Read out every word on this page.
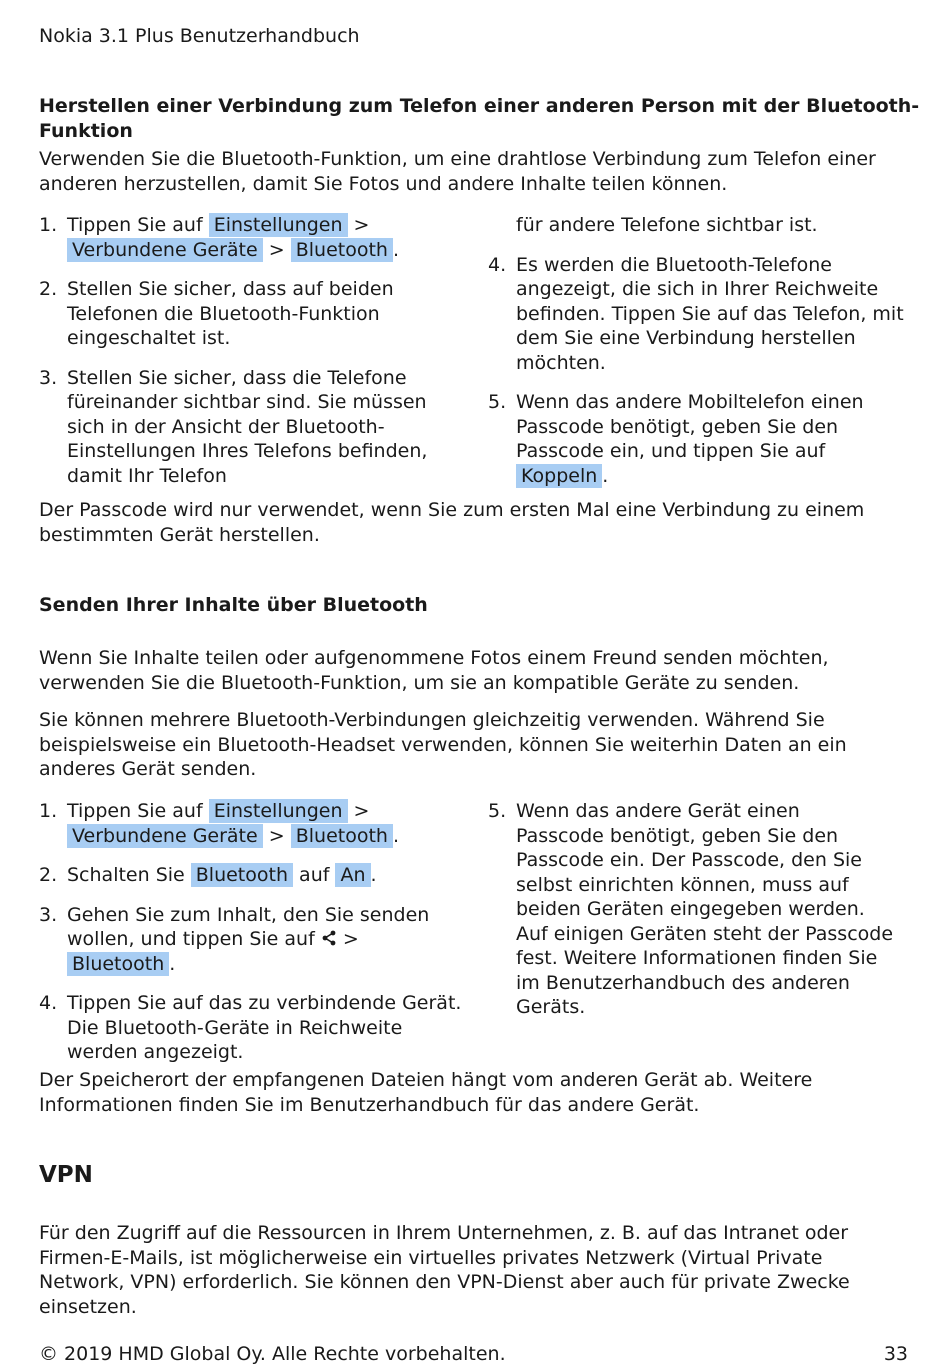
Nokia 3.1 Plus Benutzerhandbuch
Herstellen einer Verbindung zum Telefon einer anderen Person mit der Bluetooth-Funktion
Verwenden Sie die Bluetooth-Funktion, um eine drahtlose Verbindung zum Telefon einer anderen herzustellen, damit Sie Fotos und andere Inhalte teilen können.
1. Tippen Sie auf Einstellungen >
Verbundene Geräte > Bluetooth .
2. Stellen Sie sicher, dass auf beiden Telefonen die Bluetooth-Funktion eingeschaltet ist.
3. Stellen Sie sicher, dass die Telefone füreinander sichtbar sind. Sie müssen sich in der Ansicht der Bluetooth-Einstellungen Ihres Telefons befinden, damit Ihr Telefon
für andere Telefone sichtbar ist.
4. Es werden die Bluetooth-Telefone angezeigt, die sich in Ihrer Reichweite befinden. Tippen Sie auf das Telefon, mit dem Sie eine Verbindung herstellen möchten.
5. Wenn das andere Mobiltelefon einen Passcode benötigt, geben Sie den Passcode ein, und tippen Sie auf Koppeln .
Der Passcode wird nur verwendet, wenn Sie zum ersten Mal eine Verbindung zu einem bestimmten Gerät herstellen.
Senden Ihrer Inhalte über Bluetooth
Wenn Sie Inhalte teilen oder aufgenommene Fotos einem Freund senden möchten, verwenden Sie die Bluetooth-Funktion, um sie an kompatible Geräte zu senden.
Sie können mehrere Bluetooth-Verbindungen gleichzeitig verwenden. Während Sie beispielsweise ein Bluetooth-Headset verwenden, können Sie weiterhin Daten an ein anderes Gerät senden.
1. Tippen Sie auf Einstellungen >
Verbundene Geräte > Bluetooth .
2. Schalten Sie Bluetooth auf An .
3. Gehen Sie zum Inhalt, den Sie senden wollen, und tippen Sie auf  > Bluetooth .
4. Tippen Sie auf das zu verbindende Gerät. Die Bluetooth-Geräte in Reichweite werden angezeigt.
5. Wenn das andere Gerät einen Passcode benötigt, geben Sie den Passcode ein. Der Passcode, den Sie selbst einrichten können, muss auf beiden Geräten eingegeben werden. Auf einigen Geräten steht der Passcode fest. Weitere Informationen finden Sie im Benutzerhandbuch des anderen Geräts.
Der Speicherort der empfangenen Dateien hängt vom anderen Gerät ab. Weitere Informationen finden Sie im Benutzerhandbuch für das andere Gerät.
VPN
Für den Zugriff auf die Ressourcen in Ihrem Unternehmen, z. B. auf das Intranet oder Firmen-E-Mails, ist möglicherweise ein virtuelles privates Netzwerk (Virtual Private Network, VPN) erforderlich. Sie können den VPN-Dienst aber auch für private Zwecke einsetzen.
© 2019 HMD Global Oy. Alle Rechte vorbehalten.	33
